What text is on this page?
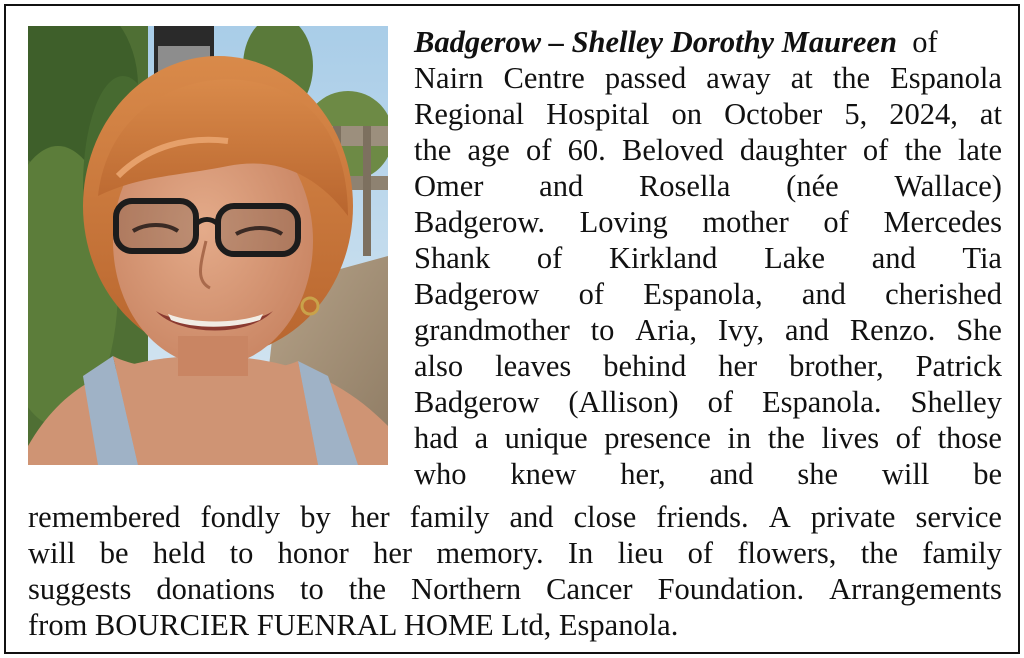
Badgerow – Shelley Dorothy Maureen of
Nairn Centre passed away at the Espanola
Regional Hospital on October 5, 2024, at
the age of 60. Beloved daughter of the late
Omer and Rosella (née Wallace)
Badgerow. Loving mother of Mercedes
Shank of Kirkland Lake and Tia
Badgerow of Espanola, and cherished
grandmother to Aria, Ivy, and Renzo. She
also leaves behind her brother, Patrick
Badgerow (Allison) of Espanola. Shelley
had a unique presence in the lives of those
who knew her, and she will be
remembered fondly by her family and close friends. A private service
will be held to honor her memory. In lieu of flowers, the family
suggests donations to the Northern Cancer Foundation. Arrangements
from BOURCIER FUENRAL HOME Ltd, Espanola.
